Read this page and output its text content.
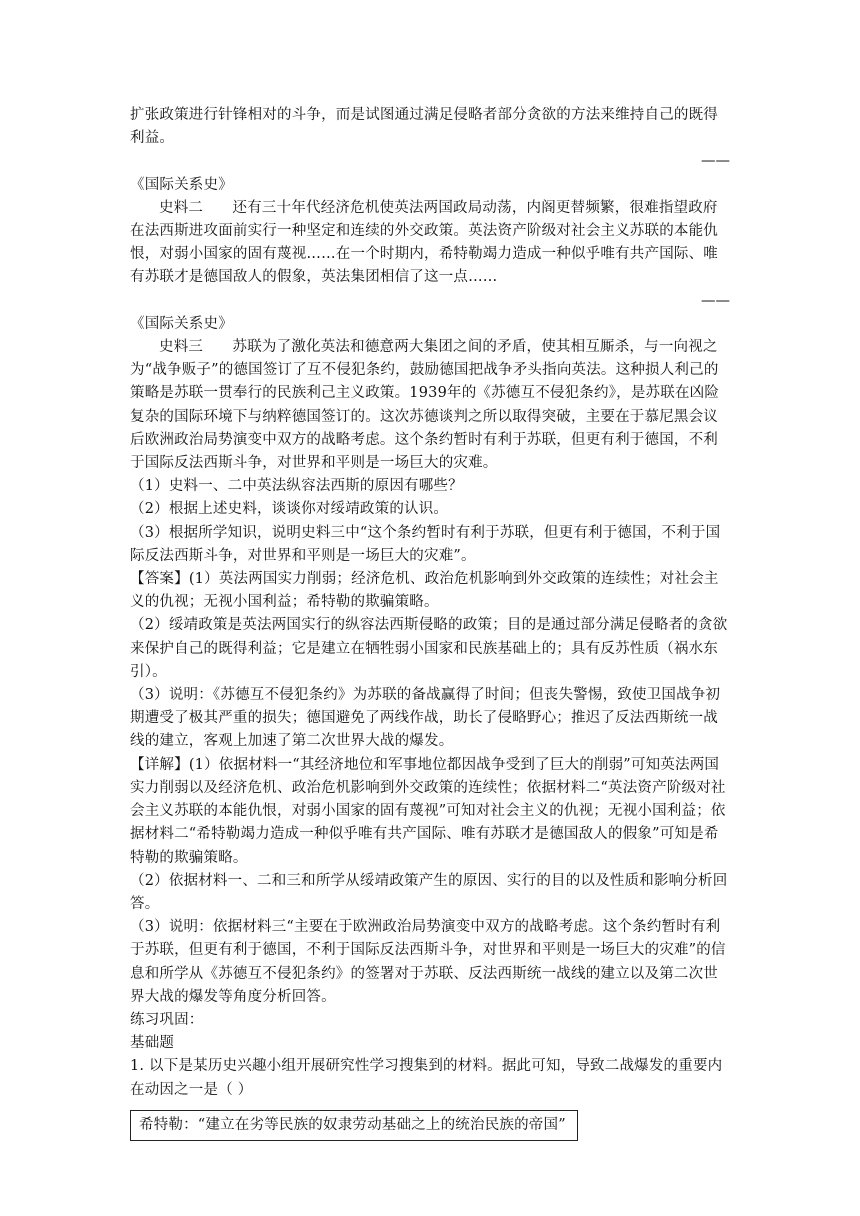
扩张政策进行针锋相对的斗争，而是试图通过满足侵略者部分贪欲的方法来维持自己的既得利益。

——

《国际关系史》

史料二   还有三十年代经济危机使英法两国政局动荡，内阁更替频繁，很难指望政府在法西斯进攻面前实行一种坚定和连续的外交政策。英法资产阶级对社会主义苏联的本能仇恨，对弱小国家的固有蔑视……在一个时期内，希特勒竭力造成一种似乎唯有共产国际、唯有苏联才是德国敌人的假象，英法集团相信了这一点……

——

《国际关系史》

史料三   苏联为了激化英法和德意两大集团之间的矛盾，使其相互厮杀，与一向视之为“战争贩子”的德国签订了互不侵犯条约，鼓励德国把战争矛头指向英法。这种损人利己的策略是苏联一贯奉行的民族利己主义政策。1939年的《苏德互不侵犯条约》，是苏联在凶险复杂的国际环境下与纳粹德国签订的。这次苏德谈判之所以取得突破，主要在于慕尼黑会议后欧洲政治局势演变中双方的战略考虑。这个条约暂时有利于苏联，但更有利于德国，不利于国际反法西斯斗争，对世界和平则是一场巨大的灾难。

（1）史料一、二中英法纵容法西斯的原因有哪些？

（2）根据上述史料，谈谈你对绥靖政策的认识。

（3）根据所学知识，说明史料三中“这个条约暂时有利于苏联，但更有利于德国，不利于国际反法西斯斗争，对世界和平则是一场巨大的灾难”。

【答案】(1）英法两国实力削弱；经济危机、政治危机影响到外交政策的连续性；对社会主义的仇视；无视小国利益；希特勒的欺骗策略。

（2）绥靖政策是英法两国实行的纵容法西斯侵略的政策；目的是通过部分满足侵略者的贪欲来保护自己的既得利益；它是建立在牺牲弱小国家和民族基础上的；具有反苏性质（祸水东引）。

（3）说明：《苏德互不侵犯条约》为苏联的备战赢得了时间；但丧失警惕，致使卫国战争初期遭受了极其严重的损失；德国避免了两线作战，助长了侵略野心；推迟了反法西斯统一战线的建立，客观上加速了第二次世界大战的爆发。

【详解】(1）依据材料一“其经济地位和军事地位都因战争受到了巨大的削弱”可知英法两国实力削弱以及经济危机、政治危机影响到外交政策的连续性；依据材料二“英法资产阶级对社会主义苏联的本能仇恨，对弱小国家的固有蔑视”可知对社会主义的仇视；无视小国利益；依据材料二“希特勒竭力造成一种似乎唯有共产国际、唯有苏联才是德国敌人的假象”可知是希特勒的欺骗策略。

（2）依据材料一、二和三和所学从绥靖政策产生的原因、实行的目的以及性质和影响分析回答。

（3）说明：依据材料三“主要在于欧洲政治局势演变中双方的战略考虑。这个条约暂时有利于苏联，但更有利于德国，不利于国际反法西斯斗争，对世界和平则是一场巨大的灾难”的信息和所学从《苏德互不侵犯条约》的签署对于苏联、反法西斯统一战线的建立以及第二次世界大战的爆发等角度分析回答。

练习巩固：

基础题

1. 以下是某历史兴趣小组开展研究性学习搜集到的材料。据此可知，导致二战爆发的重要内在动因之一是（ ）

希特勒：“建立在劣等民族的奴隶劳动基础之上的统治民族的帝国”
